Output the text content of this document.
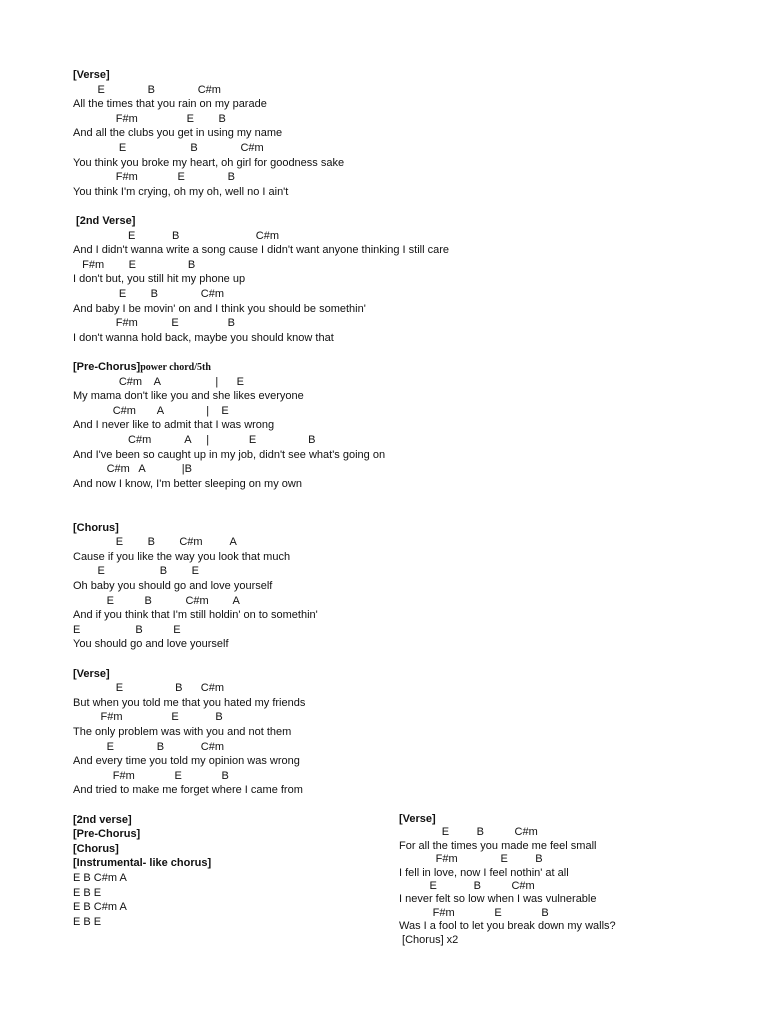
[Verse]
E              B              C#m
All the times that you rain on my parade
F#m                E        B
And all the clubs you get in using my name
E                     B              C#m
You think you broke my heart, oh girl for goodness sake
F#m             E              B
You think I'm crying, oh my oh, well no I ain't
[2nd Verse]
E            B                         C#m
And I didn't wanna write a song cause I didn't want anyone thinking I still care
F#m        E                 B
I don't but, you still hit my phone up
E        B              C#m
And baby I be movin' on and I think you should be somethin'
F#m           E                B
I don't wanna hold back, maybe you should know that
[Pre-Chorus]power chord/5th
C#m    A                  |      E
My mama don't like you and she likes everyone
C#m       A              |    E
And I never like to admit that I was wrong
C#m           A     |             E                 B
And I've been so caught up in my job, didn't see what's going on
C#m   A            |B
And now I know, I'm better sleeping on my own
[Chorus]
E        B        C#m         A
Cause if you like the way you look that much
E                  B        E
Oh baby you should go and love yourself
E          B           C#m        A
And if you think that I'm still holdin' on to somethin'
E                  B          E
You should go and love yourself
[Verse]
E                 B      C#m
But when you told me that you hated my friends
F#m                E            B
The only problem was with you and not them
E              B            C#m
And every time you told my opinion was wrong
F#m             E             B
And tried to make me forget where I came from
[2nd verse]
[Pre-Chorus]
[Chorus]
[Instrumental- like chorus]
E B C#m A
E B E
E B C#m A
E B E
[Verse]
E         B          C#m
For all the times you made me feel small
F#m              E         B
I fell in love, now I feel nothin' at all
E            B          C#m
I never felt so low when I was vulnerable
F#m             E             B
Was I a fool to let you break down my walls?
[Chorus] x2
